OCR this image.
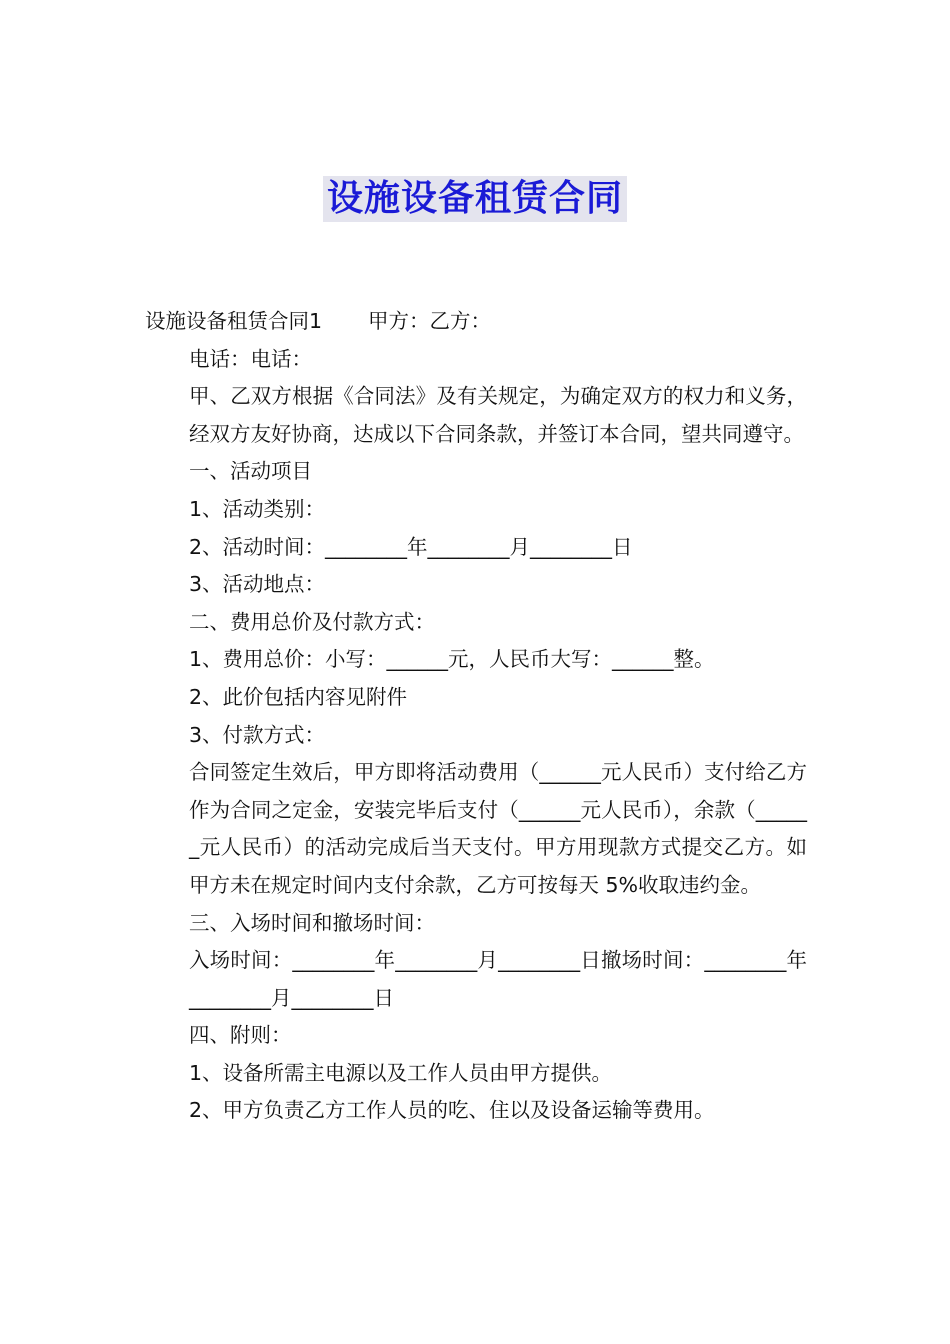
设施设备租赁合同

设施设备租赁合同1 甲方：乙方：

电话：电话：

甲、乙双方根据《合同法》及有关规定，为确定双方的权力和义务，经双方友好协商，达成以下合同条款，并签订本合同，望共同遵守。

一、活动项目

1、活动类别：

2、活动时间：________年________月________日

3、活动地点：

二、费用总价及付款方式：

1、费用总价：小写：______元，人民币大写：______整。

2、此价包括内容见附件

3、付款方式：

合同签定生效后，甲方即将活动费用（______元人民币）支付给乙方作为合同之定金，安装完毕后支付（______元人民币），余款（______元人民币）的活动完成后当天支付。甲方用现款方式提交乙方。如甲方未在规定时间内支付余款，乙方可按每天 5%收取违约金。

三、入场时间和撤场时间：

入场时间：________年________月________日撤场时间：________年________月________日

四、附则：

1、设备所需主电源以及工作人员由甲方提供。

2、甲方负责乙方工作人员的吃、住以及设备运输等费用。
